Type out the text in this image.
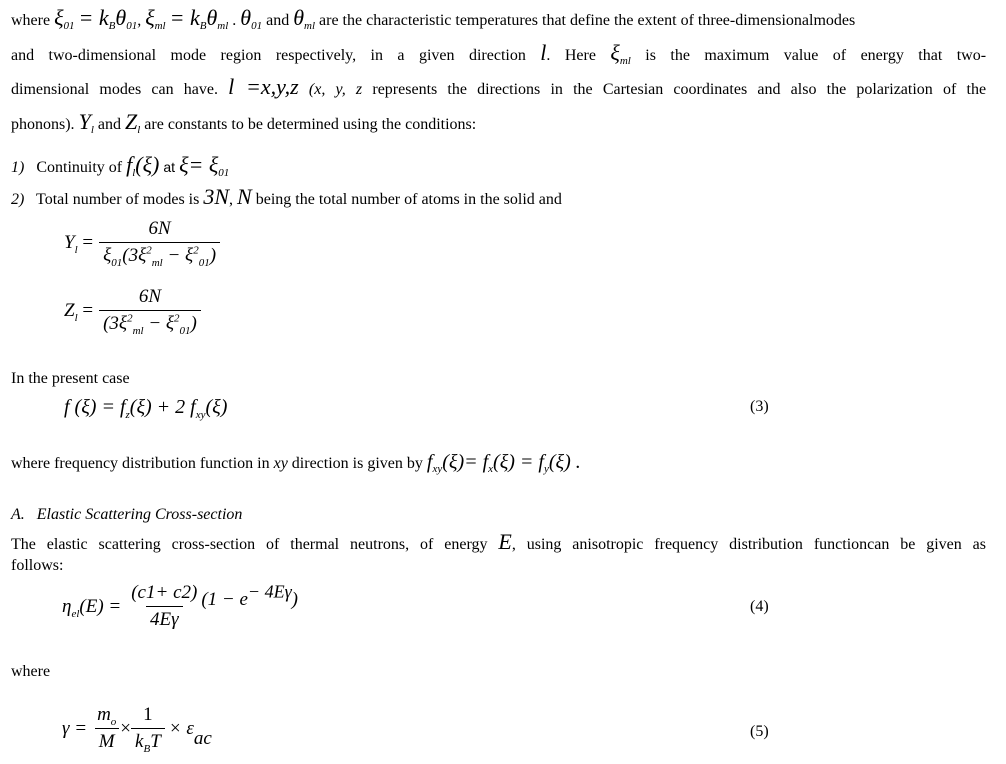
where $\xi_{01} = k_B\theta_{01}$, $\xi_{ml} = k_B\theta_{ml}$ . $\theta_{01}$ and $\theta_{ml}$ are the characteristic temperatures that define the extent of three-dimensionalmodes
and two-dimensional mode region respectively, in a given direction l. Here $\xi_{ml}$ is the maximum value of energy that two-
dimensional modes can have. l =x,y,z (x, y, z represents the directions in the Cartesian coordinates and also the polarization of the
phonons). $Y_l$ and $Z_l$ are constants to be determined using the conditions:
1) Continuity of $f_l(\xi)$ at $\xi= \xi_{01}$
2) Total number of modes is 3N, N being the total number of atoms in the solid and
$Y_l = \frac{6N}{\xi_{01}(3\xi^2_{ml} - \xi^2_{01})}$
$Z_l = \frac{6N}{(3\xi^2_{ml} - \xi^2_{01})}$
In the present case
f $(\xi) = f_z(\xi) + 2$ $f_{xy}(\xi)$	(3)
where frequency distribution function in xy direction is given by $f_{xy}(\xi)= f_x(\xi) = f_y(\xi)$ .
A. Elastic Scattering Cross-section
The elastic scattering cross-section of thermal neutrons, of energy E, using anisotropic frequency distribution functioncan be given as
follows:
$\eta_{el}(E) = \frac{(c1+ c2)}{4E\gamma} (1 - e^{- 4E\gamma})$	(4)
where
$\gamma = \frac{m_o}{M} \times \frac{1}{k_BT} \times \varepsilon$ ac	(5)
